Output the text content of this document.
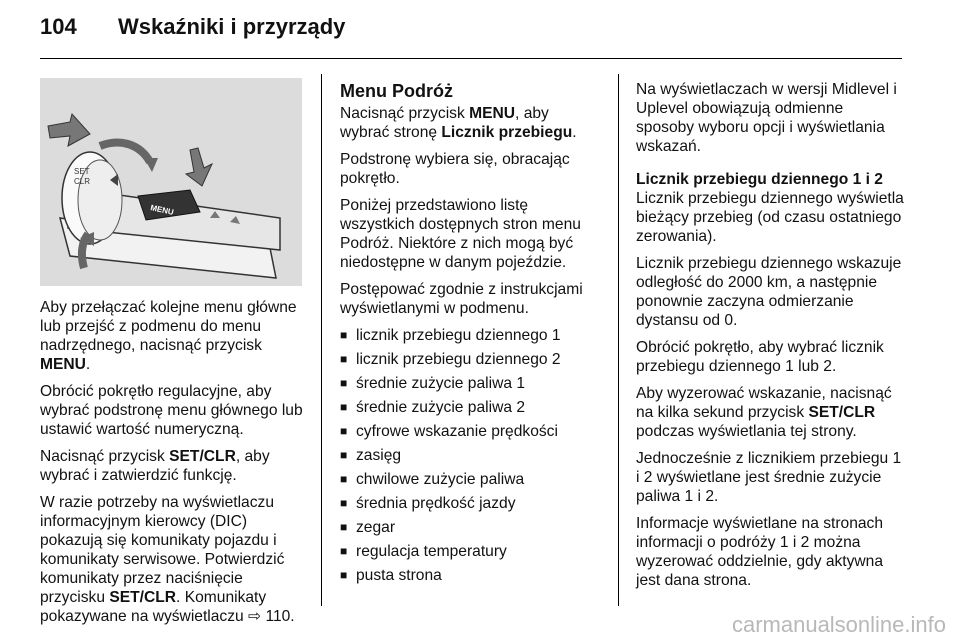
104 Wskaźniki i przyrządy
SET
CLR
MENU

Aby przełączać kolejne menu główne lub przejść z podmenu do menu nadrzędnego, nacisnąć przycisk MENU.

Obrócić pokrętło regulacyjne, aby wybrać podstronę menu głównego lub ustawić wartość numeryczną.

Nacisnąć przycisk SET/CLR, aby wybrać i zatwierdzić funkcję.

W razie potrzeby na wyświetlaczu informacyjnym kierowcy (DIC) pokazują się komunikaty pojazdu i komunikaty serwisowe. Potwierdzić komunikaty przez naciśnięcie przycisku SET/CLR. Komunikaty pokazywane na wyświetlaczu ⇨ 110.

Menu Podróż

Nacisnąć przycisk MENU, aby wybrać stronę Licznik przebiegu.

Podstronę wybiera się, obracając pokrętło.

Poniżej przedstawiono listę wszystkich dostępnych stron menu Podróż. Niektóre z nich mogą być niedostępne w danym pojeździe.

Postępować zgodnie z instrukcjami wyświetlanymi w podmenu.

■ licznik przebiegu dziennego 1
■ licznik przebiegu dziennego 2
■ średnie zużycie paliwa 1
■ średnie zużycie paliwa 2
■ cyfrowe wskazanie prędkości
■ zasięg
■ chwilowe zużycie paliwa
■ średnia prędkość jazdy
■ zegar
■ regulacja temperatury
■ pusta strona

Na wyświetlaczach w wersji Midlevel i Uplevel obowiązują odmienne sposoby wyboru opcji i wyświetlania wskazań.

Licznik przebiegu dziennego 1 i 2

Licznik przebiegu dziennego wyświetla bieżący przebieg (od czasu ostatniego zerowania).

Licznik przebiegu dziennego wskazuje odległość do 2000 km, a następnie ponownie zaczyna odmierzanie dystansu od 0.

Obrócić pokrętło, aby wybrać licznik przebiegu dziennego 1 lub 2.

Aby wyzerować wskazanie, nacisnąć na kilka sekund przycisk SET/CLR podczas wyświetlania tej strony.

Jednocześnie z licznikiem przebiegu 1 i 2 wyświetlane jest średnie zużycie paliwa 1 i 2.

Informacje wyświetlane na stronach informacji o podróży 1 i 2 można wyzerować oddzielnie, gdy aktywna jest dana strona.

carmanualsonline.info
